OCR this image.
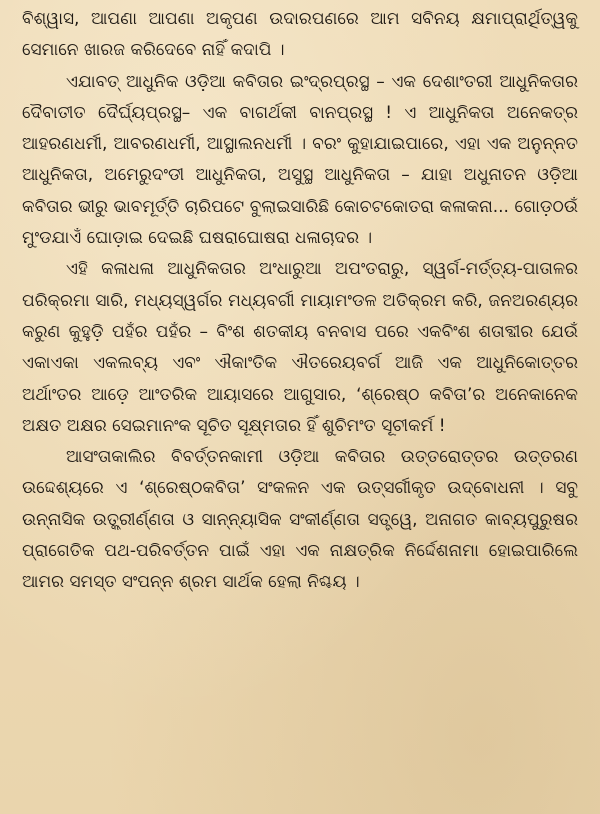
ବିଶ୍ୱାସ, ଆପଣା ଆପଣା ଅକୃପଣ ଉଦାରପଣରେ ଆମ ସବିନୟ କ୍ଷମାପ୍ରାର୍ଥିତ୍ୱକୁ ସେମାନେ ଖାରଜ କରିଦେବେ ନାହିଁ କଦାପି ।

ଏଯାବତ୍ ଆଧୁନିକ ଓଡ଼ିଆ କବିତାର ଇଂଦ୍ରପ୍ରସ୍ଥ – ଏକ ଦେଶାଂତରୀ ଆଧୁନିକତାର ଦୈବାତୀତ ଦୈର୍ଘ୍ୟପ୍ରସ୍ଥ– ଏକ ବାଗର୍ଥକୀ ବାନପ୍ରସ୍ଥ ! ଏ ଆଧୁନିକତା ଅନେକତ୍ର ଆହରଣଧର୍ମୀ, ଆବରଣଧର୍ମୀ, ଆସ୍ଥାଲନଧର୍ମୀ । ବରଂ କୁହାଯାଇପାରେ, ଏହା ଏକ ଅନୁନ୍ନତ ଆଧୁନିକତା, ଅମେରୁଦଂଡୀ ଆଧୁନିକତା, ଅସୁସ୍ଥ ଆଧୁନିକତା – ଯାହା ଅଧୁନାତନ ଓଡ଼ିଆ କବିତାର ଭୀରୁ ଭାବମୂର୍ତ୍ତି ଚାରିପଟେ ବୁଲାଇସାରିଛି କୋଚଟକୋତରା କଳାକନା... ଗୋଡ଼ଠଉଁ ମୁଂଡଯାଏଁ ଘୋଡ଼ାଇ ଦେଇଛି ଘଷରାଘୋଷରା ଧଳାଚାଦର ।

ଏହି କଳାଧଳା ଆଧୁନିକତାର ଅଂଧାରୁଆ ଅପଂତରାରୁ, ସ୍ୱର୍ଗ-ମର୍ତ୍ତ୍ୟ-ପାତାଳର ପରିକ୍ରମା ସାରି, ମଧ୍ୟସ୍ୱର୍ଗର ମଧ୍ୟବର୍ଗୀ ମାୟାମଂଡଳ ଅତିକ୍ରମ କରି, ଜନଅରଣ୍ୟର କରୁଣ କୁହୁଡ଼ି ପହଁର ପହଁର – ବିଂଶ ଶତକୀୟ ବନବାସ ପରେ ଏକବିଂଶ ଶତାବ୍ଦୀର ଯେଉଁ ଏକାଏକା ଏକଲବ୍ୟ ଏବଂ ଐକାଂତିକ ଐତରେୟବର୍ଗ ଆଜି ଏକ ଆଧୁନିକୋତ୍ତର ଅର୍ଥାଂତର ଆଡ଼େ ଆଂତରିକ ଆୟାସରେ ଆଗୁସାର, ‘ଶ୍ରେଷ୍ଠ କବିତା’ର ଅନେକାନେକ ଅକ୍ଷତ ଅକ୍ଷର ସେଇମାନଂକ ସୂଚିତ ସୂକ୍ଷ୍ମତାର ହିଁ ଶୁଚିମଂତ ସୂଚୀକର୍ମ !

ଆସଂତାକାଲିର ବିବର୍ତ୍ତନକାମୀ ଓଡ଼ିଆ କବିତାର ଉତ୍ତରୋତ୍ତର ଉତ୍ତରଣ ଉଦ୍ଦେଶ୍ୟରେ ଏ ‘ଶ୍ରେଷ୍ଠକବିତା’ ସଂକଳନ ଏକ ଉତ୍ସର୍ଗୀକୃତ ଉଦ୍‌ବୋଧନୀ । ସବୁ ଉନ୍ନାସିକ ଉତ୍କ୍ରୀର୍ଣ୍ଣତା ଓ ସାନ୍ନ୍ୟାସିକ ସଂକୀର୍ଣ୍ଣତା ସତ୍ତ୍ୱେ, ଅନାଗତ କାବ୍ୟପୁରୁଷର ପ୍ରାଗେତିକ ପଥ-ପରିବର୍ତ୍ତନ ପାଇଁ ଏହା ଏକ ନାକ୍ଷତ୍ରିକ ନିର୍ଦ୍ଦେଶନାମା ହୋଇପାରିଲେ ଆମର ସମସ୍ତ ସଂପନ୍ନ ଶ୍ରମ ସାର୍ଥକ ହେଲା ନିଶ୍ଚୟ ।
